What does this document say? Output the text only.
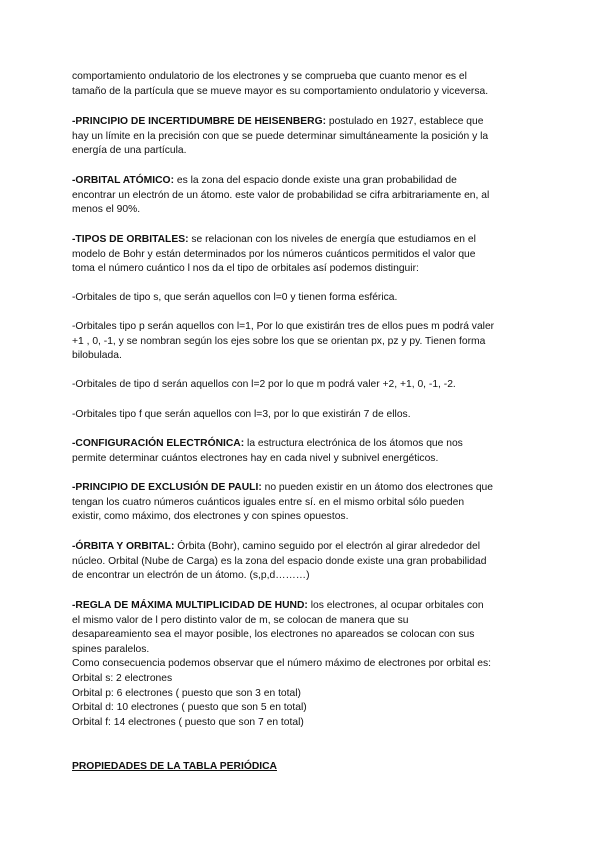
comportamiento ondulatorio de los electrones y se comprueba que cuanto menor es el
tamaño de la partícula que se mueve mayor es su comportamiento ondulatorio y viceversa.
-PRINCIPIO DE INCERTIDUMBRE DE HEISENBERG: postulado en 1927, establece que
hay un límite en la precisión con que se puede determinar simultáneamente la posición y la
energía de una partícula.
-ORBITAL ATÓMICO: es la zona del espacio donde existe una gran probabilidad de
encontrar un electrón de un átomo. este valor de probabilidad se cifra arbitrariamente en, al
menos el 90%.
-TIPOS DE ORBITALES: se relacionan con los niveles de energía que estudiamos en el
modelo de Bohr y están determinados por los números cuánticos permitidos el valor que
toma el número cuántico l nos da el tipo de orbitales así podemos distinguir:
-Orbitales de tipo s, que serán aquellos con l=0 y tienen forma esférica.
-Orbitales tipo p serán aquellos con l=1, Por lo que existirán tres de ellos pues m podrá valer
+1 , 0, -1, y se nombran según los ejes sobre los que se orientan px, pz y py. Tienen forma
bilobulada.
-Orbitales de tipo d serán aquellos con l=2 por lo que m podrá valer +2, +1, 0, -1, -2.
-Orbitales tipo f que serán aquellos con l=3, por lo que existirán 7 de ellos.
-CONFIGURACIÓN ELECTRÓNICA: la estructura electrónica de los átomos que nos
permite determinar cuántos electrones hay en cada nivel y subnivel energéticos.
-PRINCIPIO DE EXCLUSIÓN DE PAULI: no pueden existir en un átomo dos electrones que
tengan los cuatro números cuánticos iguales entre sí. en el mismo orbital sólo pueden
existir, como máximo, dos electrones y con spines opuestos.
-ÓRBITA Y ORBITAL: Órbita (Bohr), camino seguido por el electrón al girar alrededor del
núcleo. Orbital (Nube de Carga) es la zona del espacio donde existe una gran probabilidad
de encontrar un electrón de un átomo. (s,p,d………)
-REGLA DE MÁXIMA MULTIPLICIDAD DE HUND: los electrones, al ocupar orbitales con
el mismo valor de l pero distinto valor de m, se colocan de manera que su
desapareamiento sea el mayor posible, los electrones no apareados se colocan con sus
spines paralelos.
Como consecuencia podemos observar que el número máximo de electrones por orbital es:
Orbital s: 2 electrones
Orbital p: 6 electrones ( puesto que son 3 en total)
Orbital d: 10 electrones ( puesto que son 5 en total)
Orbital f: 14 electrones ( puesto que son 7 en total)
PROPIEDADES DE LA TABLA PERIÓDICA
